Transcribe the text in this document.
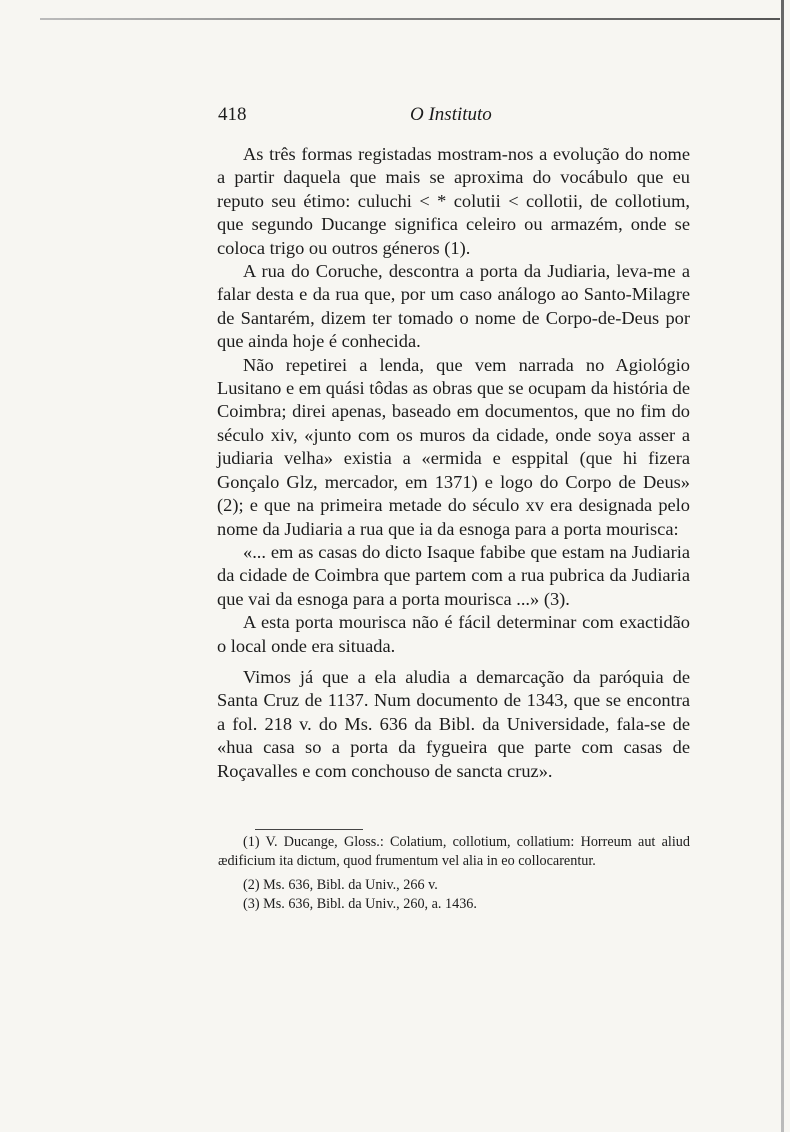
418	O Instituto

As três formas registadas mostram-nos a evolução do nome a partir daquela que mais se aproxima do vocábulo que eu reputo seu étimo: culuchi < * colutii < collotii, de collotium, que segundo Ducange significa celeiro ou armazém, onde se coloca trigo ou outros géneros (1).

A rua do Coruche, descontra a porta da Judiaria, leva-me a falar desta e da rua que, por um caso análogo ao Santo-Milagre de Santarém, dizem ter tomado o nome de Corpo-de-Deus por que ainda hoje é conhecida.

Não repetirei a lenda, que vem narrada no Agiológio Lusitano e em quási tôdas as obras que se ocupam da história de Coimbra; direi apenas, baseado em documentos, que no fim do século xiv, «junto com os muros da cidade, onde soya asser a judiaria velha» existia a «ermida e espрital (que hi fizera Gonçalo Glz, mercador, em 1371) e logo do Corpo de Deus» (2); e que na primeira metade do século xv era designada pelo nome da Judiaria a rua que ia da esnoga para a porta mourisca:

«... em as casas do dicto Isaque fabibe que estam na Judiaria da cidade de Coimbra que partem com a rua pubrica da Judiaria que vai da esnoga para a porta mourisca ...» (3).

A esta porta mourisca não é fácil determinar com exactidão o local onde era situada.

Vimos já que a ela aludia a demarcação da paróquia de Santa Cruz de 1137. Num documento de 1343, que se encontra a fol. 218 v. do Ms. 636 da Bibl. da Universidade, fala-se de «hua casa so a porta da fygueira que parte com casas de Roçavalles e com conchouso de sancta cruz».

(1) V. Ducange, Gloss.: Colatium, collotium, collatium: Horreum aut aliud ædificium ita dictum, quod frumentum vel alia in eo collocarentur.

(2) Ms. 636, Bibl. da Univ., 266 v.

(3) Ms. 636, Bibl. da Univ., 260, a. 1436.
